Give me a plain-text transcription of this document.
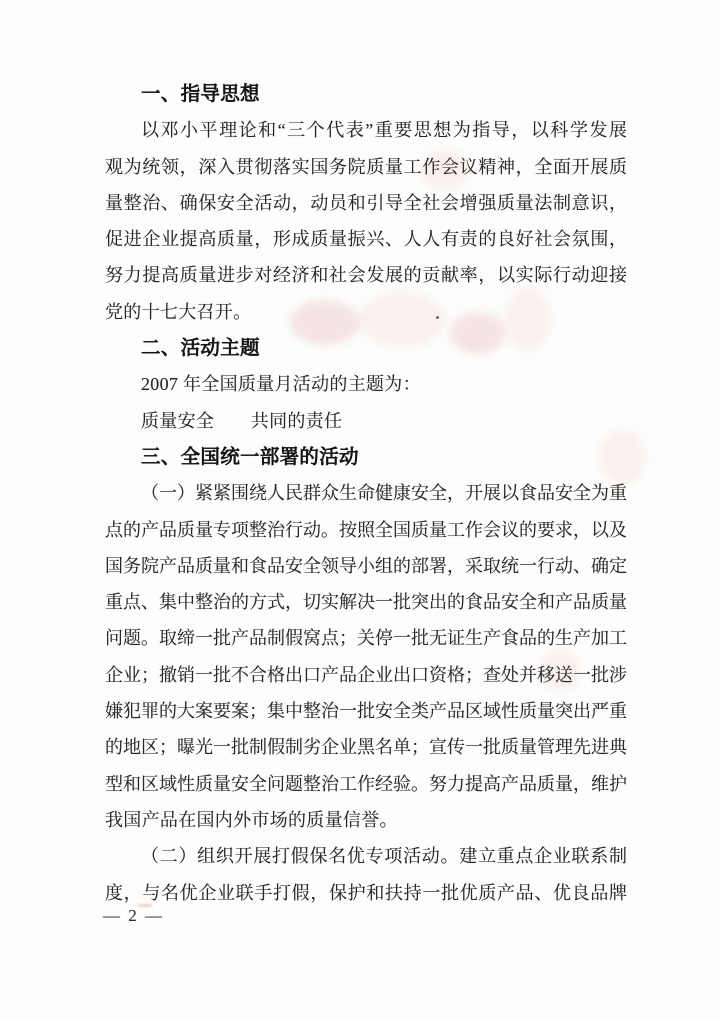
一、指导思想
以邓小平理论和“三个代表”重要思想为指导，以科学发展
观为统领，深入贯彻落实国务院质量工作会议精神，全面开展质
量整治、确保安全活动，动员和引导全社会增强质量法制意识，
促进企业提高质量，形成质量振兴、人人有责的良好社会氛围，
努力提高质量进步对经济和社会发展的贡献率，以实际行动迎接
党的十七大召开。
二、活动主题
2007 年全国质量月活动的主题为：
质量安全　　共同的责任
三、全国统一部署的活动
（一）紧紧围绕人民群众生命健康安全，开展以食品安全为重
点的产品质量专项整治行动。按照全国质量工作会议的要求，以及
国务院产品质量和食品安全领导小组的部署，采取统一行动、确定
重点、集中整治的方式，切实解决一批突出的食品安全和产品质量
问题。取缔一批产品制假窝点；关停一批无证生产食品的生产加工
企业；撤销一批不合格出口产品企业出口资格；查处并移送一批涉
嫌犯罪的大案要案；集中整治一批安全类产品区域性质量突出严重
的地区；曝光一批制假制劣企业黑名单；宣传一批质量管理先进典
型和区域性质量安全问题整治工作经验。努力提高产品质量，维护
我国产品在国内外市场的质量信誉。
（二）组织开展打假保名优专项活动。建立重点企业联系制
度，与名优企业联手打假，保护和扶持一批优质产品、优良品牌
— 2 —
